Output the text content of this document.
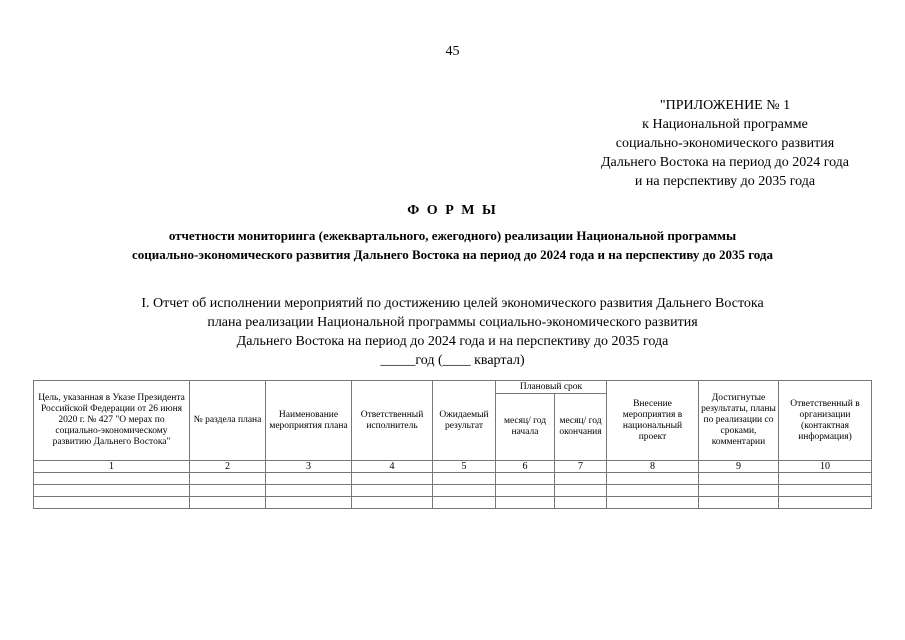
45
"ПРИЛОЖЕНИЕ № 1
к Национальной программе
социально-экономического развития
Дальнего Востока на период до 2024 года
и на перспективу до 2035 года
Ф О Р М Ы
отчетности мониторинга (ежеквартального, ежегодного) реализации Национальной программы
социально-экономического развития Дальнего Востока на период до 2024 года и на перспективу до 2035 года
I. Отчет об исполнении мероприятий по достижению целей экономического развития Дальнего Востока
плана реализации Национальной программы социально-экономического развития
Дальнего Востока на период до 2024 года и на перспективу до 2035 года
_____год (____ квартал)
Цель, указанная в Указе Президента Российской Федерации от 26 июня 2020 г. № 427 "О мерах по социально-экономическому развитию Дальнего Востока"	№ раздела плана	Наименование мероприятия плана	Ответственный исполнитель	Ожидаемый результат	Плановый срок		Внесение мероприятия в национальный проект	Достигнутые результаты, планы по реализации со сроками, комментарии	Ответственный в организации (контактная информация)
					месяц/ год начала	месяц/ год окончания			
1	2	3	4	5	6	7	8	9	10
